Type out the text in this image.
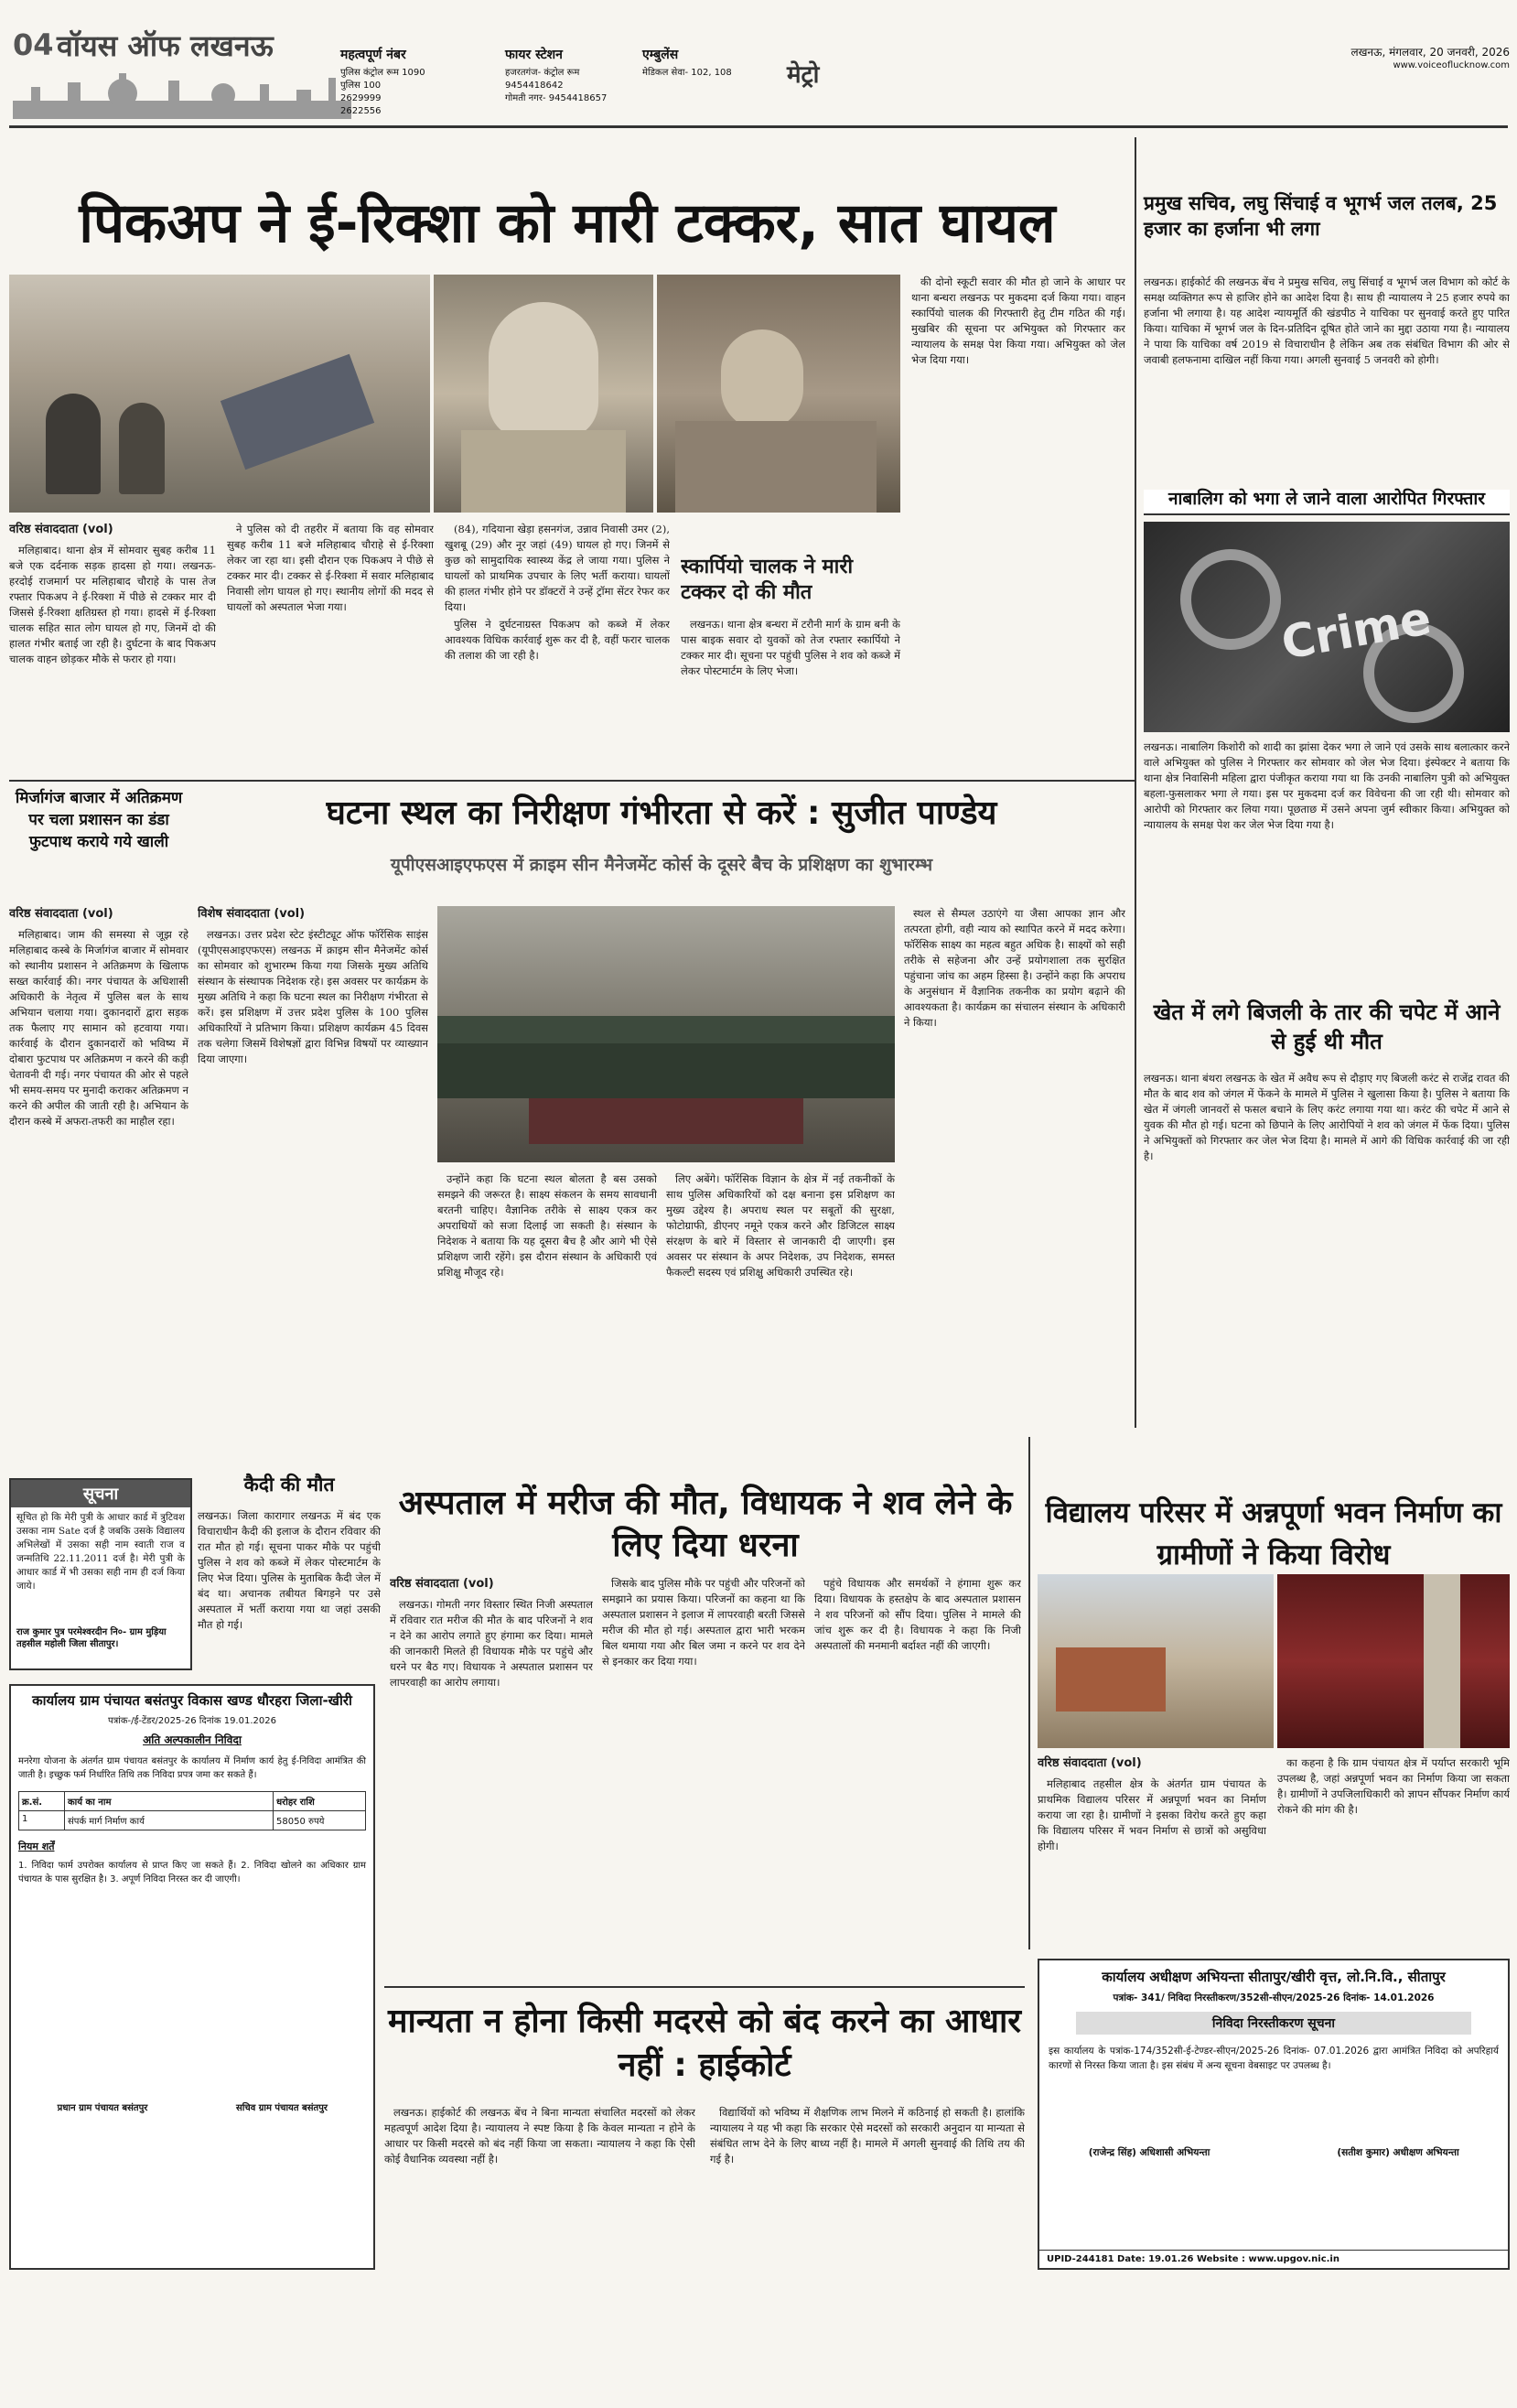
04 वॉयस ऑफ लखनऊ	महत्वपूर्ण नंबर
पुलिस कंट्रोल रूम 1090
पुलिस 100
2629999
2622556
फायर स्टेशन
हजरतगंज- कंट्रोल रूम
9454418642
गोमती नगर- 9454418657
एम्बुलेंस
मेडिकल सेवा- 102, 108	मेट्रो
लखनऊ, मंगलवार, 20 जनवरी, 2026
www.voiceoflucknow.com
पिकअप ने ई-रिक्शा को मारी टक्कर, सात घायल
वरिष्ठ संवाददाता (vol)

मलिहाबाद। थाना क्षेत्र में सोमवार सुबह करीब 11 बजे एक दर्दनाक सड़क हादसा हो गया। लखनऊ-हरदोई राजमार्ग पर मलिहाबाद चौराहे के पास तेज रफ्तार पिकअप ने ई-रिक्शा में पीछे से टक्कर मार दी जिससे ई-रिक्शा क्षतिग्रस्त हो गया। हादसे में ई-रिक्शा चालक सहित सात लोग घायल हो गए, जिनमें दो की हालत गंभीर बताई जा रही है। दुर्घटना के बाद पिकअप चालक वाहन छोड़कर मौके से फरार हो गया।

ने पुलिस को दी तहरीर में बताया कि वह सोमवार सुबह करीब 11 बजे मलिहाबाद चौराहे से ई-रिक्शा लेकर जा रहा था। इसी दौरान एक पिकअप ने पीछे से टक्कर मार दी। टक्कर से ई-रिक्शा में सवार मलिहाबाद निवासी लोग घायल हो गए। स्थानीय लोगों की मदद से घायलों को अस्पताल भेजा गया।

(84), गदियाना खेड़ा हसनगंज, उन्नाव निवासी उमर (2), खुशबू (29) और नूर जहां (49) घायल हो गए। जिनमें से कुछ को सामुदायिक स्वास्थ्य केंद्र ले जाया गया। पुलिस ने घायलों को प्राथमिक उपचार के लिए भर्ती कराया। घायलों की हालत गंभीर होने पर डॉक्टरों ने उन्हें ट्रॉमा सेंटर रेफर कर दिया।

पुलिस ने दुर्घटनाग्रस्त पिकअप को कब्जे में लेकर आवश्यक विधिक कार्रवाई शुरू कर दी है, वहीं फरार चालक की तलाश की जा रही है।

स्कार्पियो चालक ने मारी टक्कर दो की मौत

लखनऊ। थाना क्षेत्र बन्धरा में टरौनी मार्ग के ग्राम बनी के पास बाइक सवार दो युवकों को तेज रफ्तार स्कार्पियो ने टक्कर मार दी। सूचना पर पहुंची पुलिस ने शव को कब्जे में लेकर पोस्टमार्टम के लिए भेजा।

की दोनो स्कूटी सवार की मौत हो जाने के आधार पर थाना बन्धरा लखनऊ पर मुकदमा दर्ज किया गया। वाहन स्कार्पियो चालक की गिरफ्तारी हेतु टीम गठित की गई। मुखबिर की सूचना पर अभियुक्त को गिरफ्तार कर न्यायालय के समक्ष पेश किया गया। अभियुक्त को जेल भेज दिया गया।

प्रमुख सचिव, लघु सिंचाई व भूगर्भ जल तलब, 25 हजार का हर्जाना भी लगा
लखनऊ। हाईकोर्ट की लखनऊ बेंच ने प्रमुख सचिव, लघु सिंचाई व भूगर्भ जल विभाग को कोर्ट के समक्ष व्यक्तिगत रूप से हाजिर होने का आदेश दिया है। साथ ही न्यायालय ने 25 हजार रुपये का हर्जाना भी लगाया है। यह आदेश न्यायमूर्ति की खंडपीठ ने याचिका पर सुनवाई करते हुए पारित किया। याचिका में भूगर्भ जल के दिन-प्रतिदिन दूषित होते जाने का मुद्दा उठाया गया है। न्यायालय ने पाया कि याचिका वर्ष 2019 से विचाराधीन है लेकिन अब तक संबंधित विभाग की ओर से जवाबी हलफनामा दाखिल नहीं किया गया। अगली सुनवाई 5 जनवरी को होगी।
नाबालिग को भगा ले जाने वाला आरोपित गिरफ्तार
Crime
लखनऊ। नाबालिग किशोरी को शादी का झांसा देकर भगा ले जाने एवं उसके साथ बलात्कार करने वाले अभियुक्त को पुलिस ने गिरफ्तार कर सोमवार को जेल भेज दिया। इंस्पेक्टर ने बताया कि थाना क्षेत्र निवासिनी महिला द्वारा पंजीकृत कराया गया था कि उनकी नाबालिग पुत्री को अभियुक्त बहला-फुसलाकर भगा ले गया। इस पर मुकदमा दर्ज कर विवेचना की जा रही थी। सोमवार को आरोपी को गिरफ्तार कर लिया गया। पूछताछ में उसने अपना जुर्म स्वीकार किया। अभियुक्त को न्यायालय के समक्ष पेश कर जेल भेज दिया गया है।
खेत में लगे बिजली के तार की चपेट में आने से हुई थी मौत
लखनऊ। थाना बंथरा लखनऊ के खेत में अवैध रूप से दौड़ाए गए बिजली करंट से राजेंद्र रावत की मौत के बाद शव को जंगल में फेंकने के मामले में पुलिस ने खुलासा किया है। पुलिस ने बताया कि खेत में जंगली जानवरों से फसल बचाने के लिए करंट लगाया गया था। करंट की चपेट में आने से युवक की मौत हो गई। घटना को छिपाने के लिए आरोपियों ने शव को जंगल में फेंक दिया। पुलिस ने अभियुक्तों को गिरफ्तार कर जेल भेज दिया है। मामले में आगे की विधिक कार्रवाई की जा रही है।
मिर्जागंज बाजार में अतिक्रमण पर चला प्रशासन का डंडा फुटपाथ कराये गये खाली
वरिष्ठ संवाददाता (vol)

मलिहाबाद। जाम की समस्या से जूझ रहे मलिहाबाद कस्बे के मिर्जागंज बाजार में सोमवार को स्थानीय प्रशासन ने अतिक्रमण के खिलाफ सख्त कार्रवाई की। नगर पंचायत के अधिशासी अधिकारी के नेतृत्व में पुलिस बल के साथ अभियान चलाया गया। दुकानदारों द्वारा सड़क तक फैलाए गए सामान को हटवाया गया। कार्रवाई के दौरान दुकानदारों को भविष्य में दोबारा फुटपाथ पर अतिक्रमण न करने की कड़ी चेतावनी दी गई। नगर पंचायत की ओर से पहले भी समय-समय पर मुनादी कराकर अतिक्रमण न करने की अपील की जाती रही है। अभियान के दौरान कस्बे में अफरा-तफरी का माहौल रहा।

घटना स्थल का निरीक्षण गंभीरता से करें : सुजीत पाण्डेय
यूपीएसआइएफएस में क्राइम सीन मैनेजमेंट कोर्स के दूसरे बैच के प्रशिक्षण का शुभारम्भ
विशेष संवाददाता (vol)

लखनऊ। उत्तर प्रदेश स्टेट इंस्टीट्यूट ऑफ फॉरेंसिक साइंस (यूपीएसआइएफएस) लखनऊ में क्राइम सीन मैनेजमेंट कोर्स का सोमवार को शुभारम्भ किया गया जिसके मुख्य अतिथि संस्थान के संस्थापक निदेशक रहे। इस अवसर पर कार्यक्रम के मुख्य अतिथि ने कहा कि घटना स्थल का निरीक्षण गंभीरता से करें। इस प्रशिक्षण में उत्तर प्रदेश पुलिस के 100 पुलिस अधिकारियों ने प्रतिभाग किया। प्रशिक्षण कार्यक्रम 45 दिवस तक चलेगा जिसमें विशेषज्ञों द्वारा विभिन्न विषयों पर व्याख्यान दिया जाएगा।

उन्होंने कहा कि घटना स्थल बोलता है बस उसको समझने की जरूरत है। साक्ष्य संकलन के समय सावधानी बरतनी चाहिए। वैज्ञानिक तरीके से साक्ष्य एकत्र कर अपराधियों को सजा दिलाई जा सकती है। संस्थान के निदेशक ने बताया कि यह दूसरा बैच है और आगे भी ऐसे प्रशिक्षण जारी रहेंगे। इस दौरान संस्थान के अधिकारी एवं प्रशिक्षु मौजूद रहे।

लिए अबेंगे। फॉरेंसिक विज्ञान के क्षेत्र में नई तकनीकों के साथ पुलिस अधिकारियों को दक्ष बनाना इस प्रशिक्षण का मुख्य उद्देश्य है। अपराध स्थल पर सबूतों की सुरक्षा, फोटोग्राफी, डीएनए नमूने एकत्र करने और डिजिटल साक्ष्य संरक्षण के बारे में विस्तार से जानकारी दी जाएगी। इस अवसर पर संस्थान के अपर निदेशक, उप निदेशक, समस्त फैकल्टी सदस्य एवं प्रशिक्षु अधिकारी उपस्थित रहे।

स्थल से सैम्पल उठाएंगे या जैसा आपका ज्ञान और तत्परता होगी, वही न्याय को स्थापित करने में मदद करेगा। फॉरेंसिक साक्ष्य का महत्व बहुत अधिक है। साक्ष्यों को सही तरीके से सहेजना और उन्हें प्रयोगशाला तक सुरक्षित पहुंचाना जांच का अहम हिस्सा है। उन्होंने कहा कि अपराध के अनुसंधान में वैज्ञानिक तकनीक का प्रयोग बढ़ाने की आवश्यकता है। कार्यक्रम का संचालन संस्थान के अधिकारी ने किया।

सूचना
सूचित हो कि मेरी पुत्री के आधार कार्ड में त्रुटिवश उसका नाम Sate दर्ज है जबकि उसके विद्यालय अभिलेखों में उसका सही नाम स्वाती राज व जन्मतिथि 22.11.2011 दर्ज है। मेरी पुत्री के आधार कार्ड में भी उसका सही नाम ही दर्ज किया जाये।
राज कुमार पुत्र परमेश्वरदीन नि०- ग्राम मुड़िया तहसील महोली जिला सीतापुर।
कैदी की मौत
लखनऊ। जिला कारागार लखनऊ में बंद एक विचाराधीन कैदी की इलाज के दौरान रविवार की रात मौत हो गई। सूचना पाकर मौके पर पहुंची पुलिस ने शव को कब्जे में लेकर पोस्टमार्टम के लिए भेज दिया। पुलिस के मुताबिक कैदी जेल में बंद था। अचानक तबीयत बिगड़ने पर उसे अस्पताल में भर्ती कराया गया था जहां उसकी मौत हो गई।
अस्पताल में मरीज की मौत, विधायक ने शव लेने के लिए दिया धरना
वरिष्ठ संवाददाता (vol)

लखनऊ। गोमती नगर विस्तार स्थित निजी अस्पताल में रविवार रात मरीज की मौत के बाद परिजनों ने शव न देने का आरोप लगाते हुए हंगामा कर दिया। मामले की जानकारी मिलते ही विधायक मौके पर पहुंचे और धरने पर बैठ गए। विधायक ने अस्पताल प्रशासन पर लापरवाही का आरोप लगाया।

जिसके बाद पुलिस मौके पर पहुंची और परिजनों को समझाने का प्रयास किया। परिजनों का कहना था कि अस्पताल प्रशासन ने इलाज में लापरवाही बरती जिससे मरीज की मौत हो गई। अस्पताल द्वारा भारी भरकम बिल थमाया गया और बिल जमा न करने पर शव देने से इनकार कर दिया गया।

पहुंचे विधायक और समर्थकों ने हंगामा शुरू कर दिया। विधायक के हस्तक्षेप के बाद अस्पताल प्रशासन ने शव परिजनों को सौंप दिया। पुलिस ने मामले की जांच शुरू कर दी है। विधायक ने कहा कि निजी अस्पतालों की मनमानी बर्दाश्त नहीं की जाएगी।

विद्यालय परिसर में अन्नपूर्णा भवन निर्माण का ग्रामीणों ने किया विरोध
वरिष्ठ संवाददाता (vol)

मलिहाबाद तहसील क्षेत्र के अंतर्गत ग्राम पंचायत के प्राथमिक विद्यालय परिसर में अन्नपूर्णा भवन का निर्माण कराया जा रहा है। ग्रामीणों ने इसका विरोध करते हुए कहा कि विद्यालय परिसर में भवन निर्माण से छात्रों को असुविधा होगी।

का कहना है कि ग्राम पंचायत क्षेत्र में पर्याप्त सरकारी भूमि उपलब्ध है, जहां अन्नपूर्णा भवन का निर्माण किया जा सकता है। ग्रामीणों ने उपजिलाधिकारी को ज्ञापन सौंपकर निर्माण कार्य रोकने की मांग की है।

कार्यालय ग्राम पंचायत बसंतपुर विकास खण्ड धौरहरा जिला-खीरी
पत्रांक-/ई-टेंडर/2025-26 दिनांक 19.01.2026
अति अल्पकालीन निविदा
मनरेगा योजना के अंतर्गत ग्राम पंचायत बसंतपुर के कार्यालय में निर्माण कार्य हेतु ई-निविदा आमंत्रित की जाती है। इच्छुक फर्म निर्धारित तिथि तक निविदा प्रपत्र जमा कर सकते हैं।
क्र.सं.	कार्य का नाम	धरोहर राशि
1	संपर्क मार्ग निर्माण कार्य	58050 रुपये
नियम शर्तें
1. निविदा फार्म उपरोक्त कार्यालय से प्राप्त किए जा सकते हैं। 2. निविदा खोलने का अधिकार ग्राम पंचायत के पास सुरक्षित है। 3. अपूर्ण निविदा निरस्त कर दी जाएगी।
प्रधान ग्राम पंचायत बसंतपुर	सचिव ग्राम पंचायत बसंतपुर
मान्यता न होना किसी मदरसे को बंद करने का आधार नहीं : हाईकोर्ट

लखनऊ। हाईकोर्ट की लखनऊ बेंच ने बिना मान्यता संचालित मदरसों को लेकर महत्वपूर्ण आदेश दिया है। न्यायालय ने स्पष्ट किया है कि केवल मान्यता न होने के आधार पर किसी मदरसे को बंद नहीं किया जा सकता। न्यायालय ने कहा कि ऐसी कोई वैधानिक व्यवस्था नहीं है।

विद्यार्थियों को भविष्य में शैक्षणिक लाभ मिलने में कठिनाई हो सकती है। हालांकि न्यायालय ने यह भी कहा कि सरकार ऐसे मदरसों को सरकारी अनुदान या मान्यता से संबंधित लाभ देने के लिए बाध्य नहीं है। मामले में अगली सुनवाई की तिथि तय की गई है।

कार्यालय अधीक्षण अभियन्ता सीतापुर/खीरी वृत्त, लो.नि.वि., सीतापुर
पत्रांक- 341/ निविदा निरस्तीकरण/352सी-सीएन/2025-26 दिनांक- 14.01.2026
निविदा निरस्तीकरण सूचना
इस कार्यालय के पत्रांक-174/352सी-ई-टेण्डर-सीएन/2025-26 दिनांक- 07.01.2026 द्वारा आमंत्रित निविदा को अपरिहार्य कारणों से निरस्त किया जाता है। इस संबंध में अन्य सूचना वेबसाइट पर उपलब्ध है।
(राजेन्द्र सिंह) अधिशासी अभियन्ता	(सतीश कुमार) अधीक्षण अभियन्ता
UPID-244181 Date: 19.01.26 Website : www.upgov.nic.in
